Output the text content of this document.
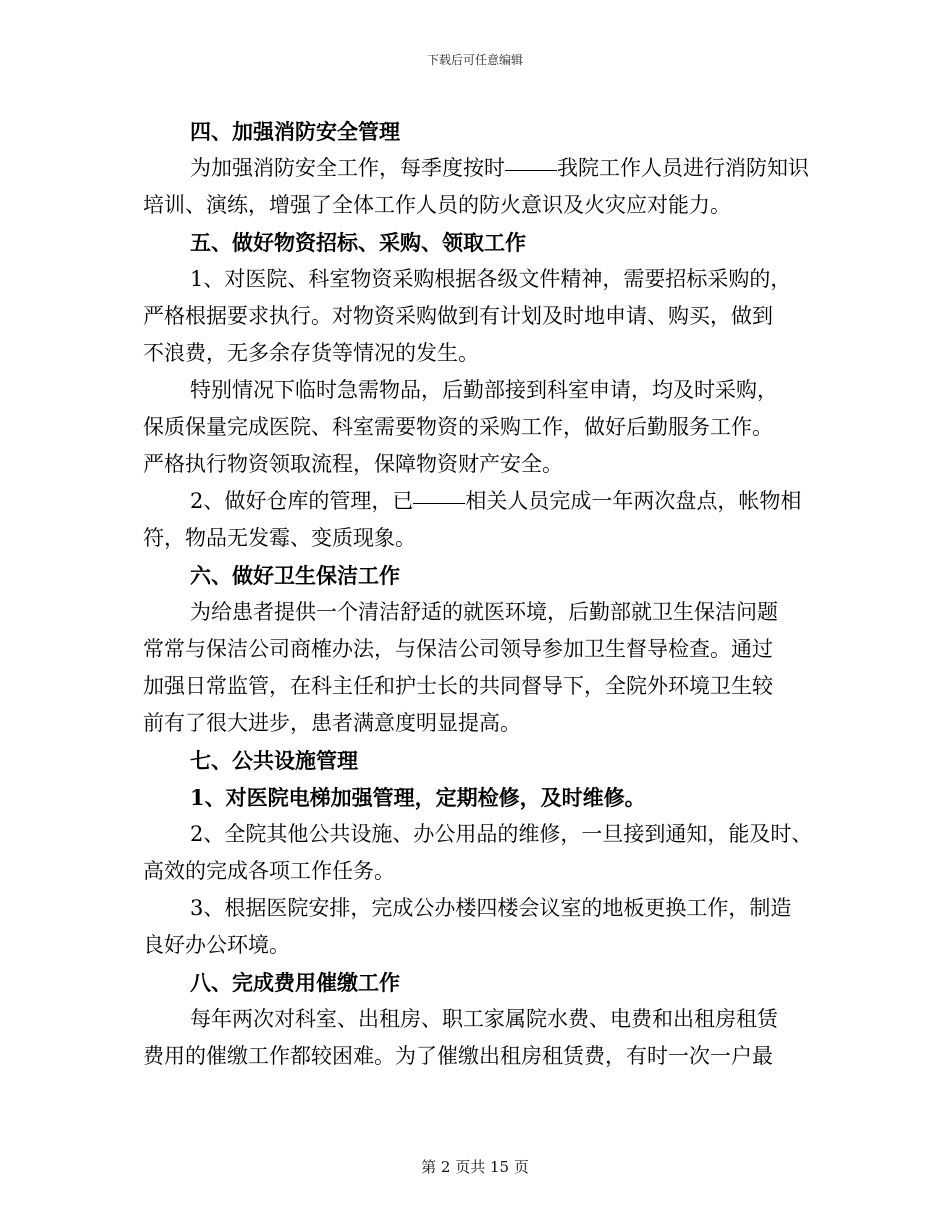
下载后可任意编辑
四、加强消防安全管理
为加强消防安全工作，每季度按时 我院工作人员进行消防知识
培训、演练，增强了全体工作人员的防火意识及火灾应对能力。
五、做好物资招标、采购、领取工作
1、对医院、科室物资采购根据各级文件精神，需要招标采购的，
严格根据要求执行。对物资采购做到有计划及时地申请、购买，做到
不浪费，无多余存货等情况的发生。
特别情况下临时急需物品，后勤部接到科室申请，均及时采购，
保质保量完成医院、科室需要物资的采购工作，做好后勤服务工作。
严格执行物资领取流程，保障物资财产安全。
2、做好仓库的管理，已 相关人员完成一年两次盘点，帐物相
符，物品无发霉、变质现象。
六、做好卫生保洁工作
为给患者提供一个清洁舒适的就医环境，后勤部就卫生保洁问题
常常与保洁公司商榷办法，与保洁公司领导参加卫生督导检查。通过
加强日常监管，在科主任和护士长的共同督导下，全院外环境卫生较
前有了很大进步，患者满意度明显提高。
七、公共设施管理
1、对医院电梯加强管理，定期检修，及时维修。
2、全院其他公共设施、办公用品的维修，一旦接到通知，能及时、
高效的完成各项工作任务。
3、根据医院安排，完成公办楼四楼会议室的地板更换工作，制造
良好办公环境。
八、完成费用催缴工作
每年两次对科室、出租房、职工家属院水费、电费和出租房租赁
费用的催缴工作都较困难。为了催缴出租房租赁费，有时一次一户最
第 2 页共 15 页
